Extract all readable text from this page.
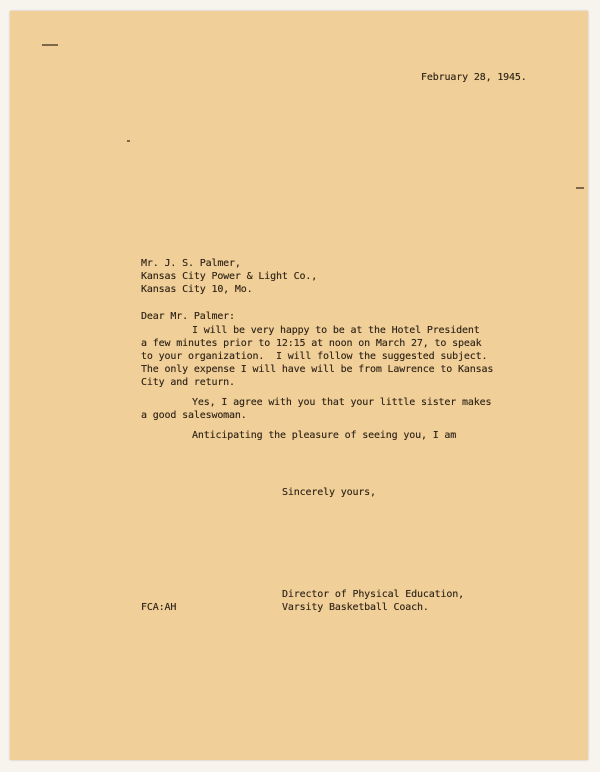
February 28, 1945.
Mr. J. S. Palmer,
Kansas City Power & Light Co.,
Kansas City 10, Mo.
Dear Mr. Palmer:
I will be very happy to be at the Hotel President
a few minutes prior to 12:15 at noon on March 27, to speak
to your organization.  I will follow the suggested subject.
The only expense I will have will be from Lawrence to Kansas
City and return.
Yes, I agree with you that your little sister makes
a good saleswoman.
Anticipating the pleasure of seeing you, I am
Sincerely yours,
Director of Physical Education,
Varsity Basketball Coach.
FCA:AH
